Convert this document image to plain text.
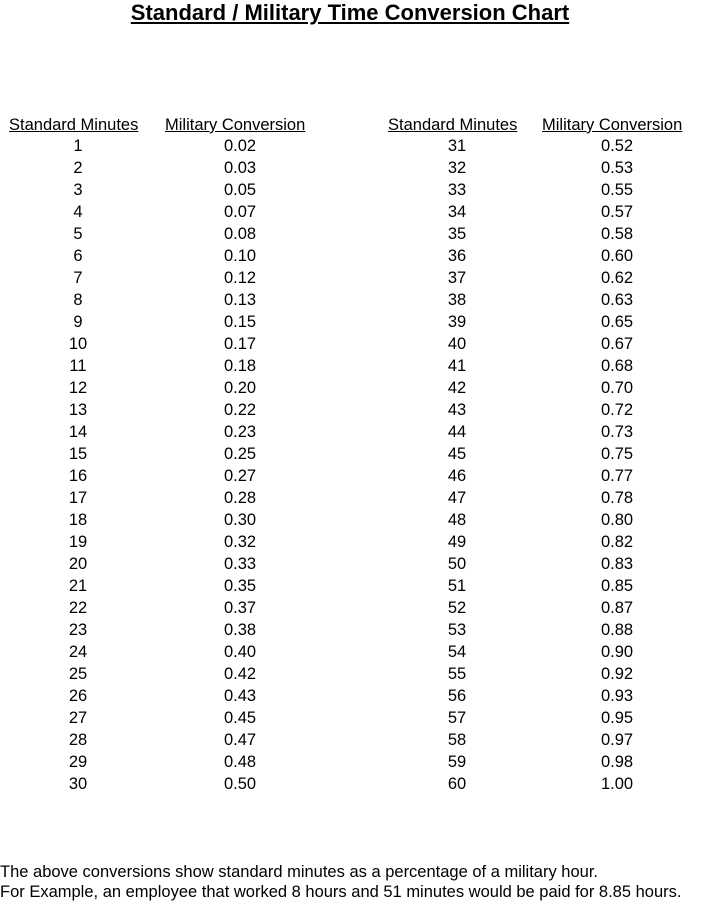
Standard / Military Time Conversion Chart
Standard Minutes Military Conversion	Standard Minutes Military Conversion
1
2
3
4
5
6
7
8
9
10
11
12
13
14
15
16
17
18
19
20
21
22
23
24
25
26
27
28
29
30
0.02
0.03
0.05
0.07
0.08
0.10
0.12
0.13
0.15
0.17
0.18
0.20
0.22
0.23
0.25
0.27
0.28
0.30
0.32
0.33
0.35
0.37
0.38
0.40
0.42
0.43
0.45
0.47
0.48
0.50
31
32
33
34
35
36
37
38
39
40
41
42
43
44
45
46
47
48
49
50
51
52
53
54
55
56
57
58
59
60
0.52
0.53
0.55
0.57
0.58
0.60
0.62
0.63
0.65
0.67
0.68
0.70
0.72
0.73
0.75
0.77
0.78
0.80
0.82
0.83
0.85
0.87
0.88
0.90
0.92
0.93
0.95
0.97
0.98
1.00
The above conversions show standard minutes as a percentage of a military hour.
For Example, an employee that worked 8 hours and 51 minutes would be paid for 8.85 hours.
